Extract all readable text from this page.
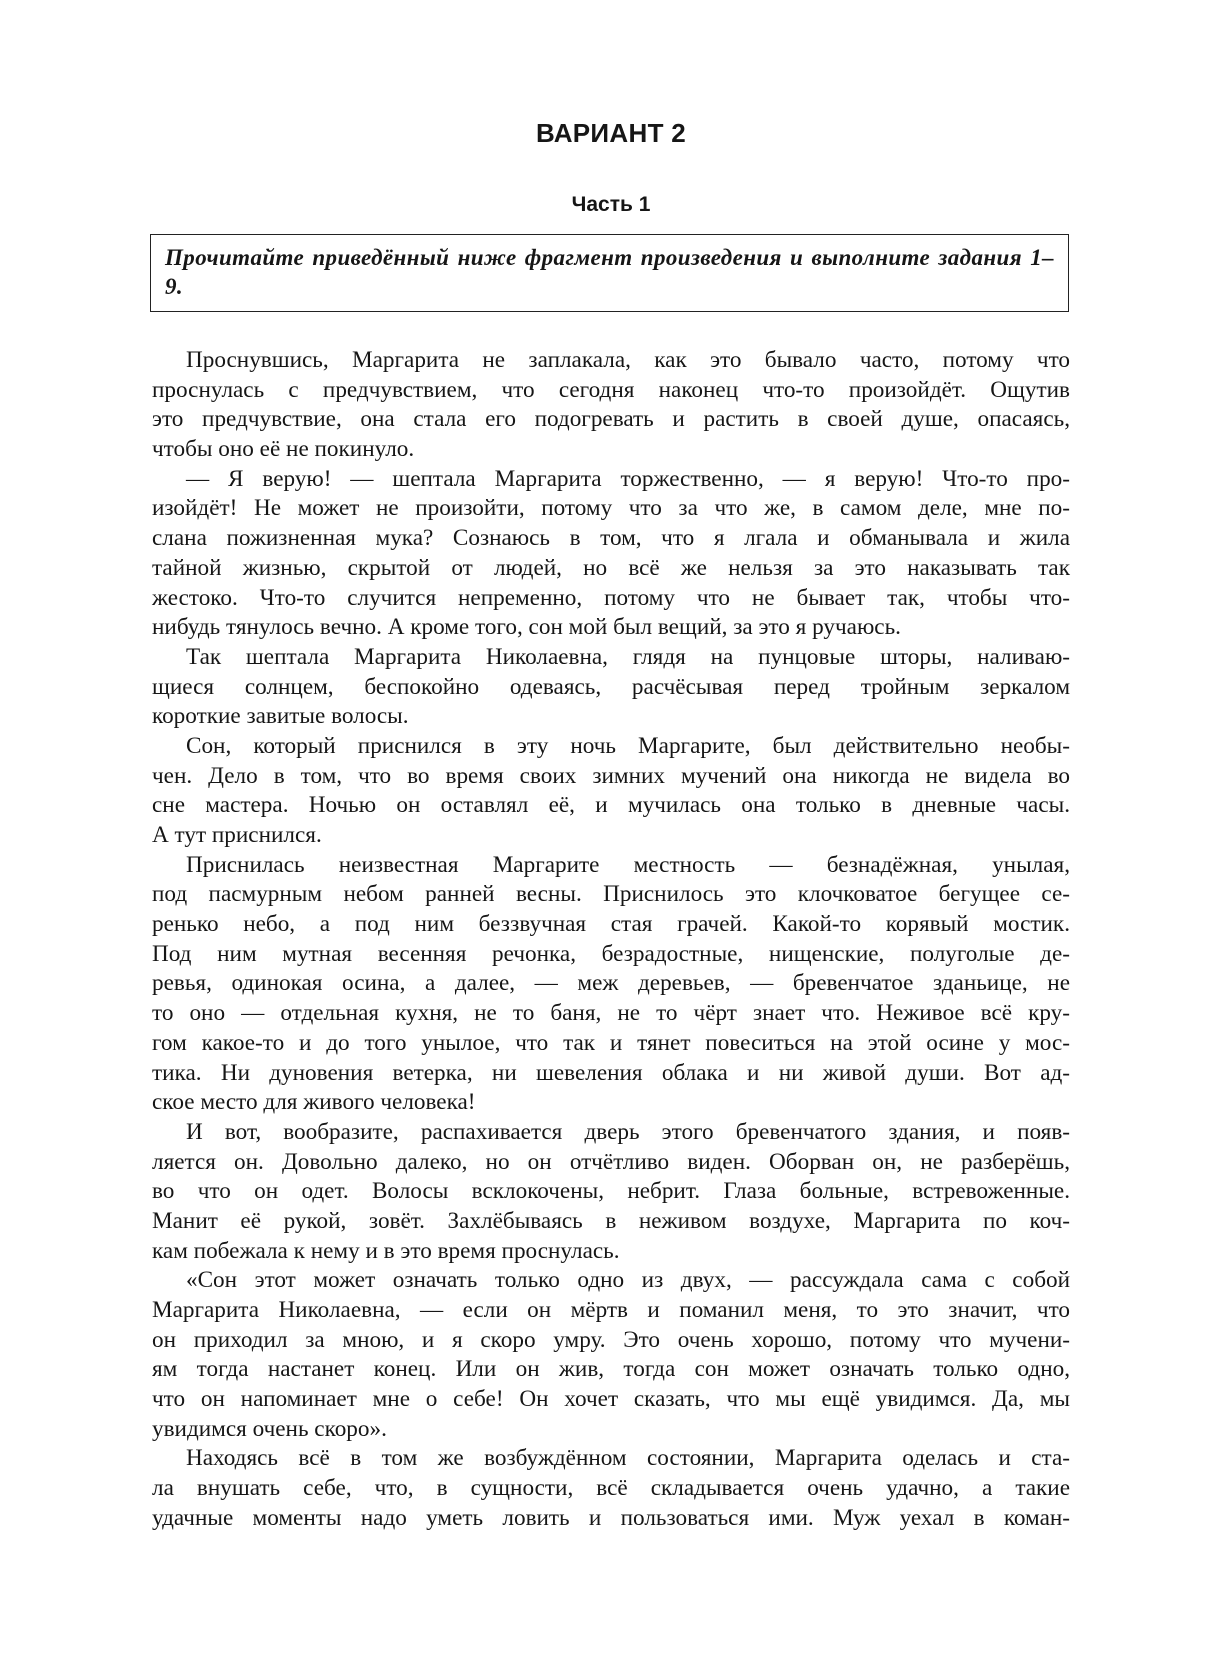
ВАРИАНТ 2
Часть 1

Прочитайте приведённый ниже фрагмент произведения и выполните задания 1–9.

Проснувшись, Маргарита не заплакала, как это бывало часто, потому что
проснулась с предчувствием, что сегодня наконец что-то произойдёт. Ощутив
это предчувствие, она стала его подогревать и растить в своей душе, опасаясь,
чтобы оно её не покинуло.
— Я верую! — шептала Маргарита торжественно, — я верую! Что-то про-
изойдёт! Не может не произойти, потому что за что же, в самом деле, мне по-
слана пожизненная мука? Сознаюсь в том, что я лгала и обманывала и жила
тайной жизнью, скрытой от людей, но всё же нельзя за это наказывать так
жестоко. Что-то случится непременно, потому что не бывает так, чтобы что-
нибудь тянулось вечно. А кроме того, сон мой был вещий, за это я ручаюсь.
Так шептала Маргарита Николаевна, глядя на пунцовые шторы, наливаю-
щиеся солнцем, беспокойно одеваясь, расчёсывая перед тройным зеркалом
короткие завитые волосы.
Сон, который приснился в эту ночь Маргарите, был действительно необы-
чен. Дело в том, что во время своих зимних мучений она никогда не видела во
сне мастера. Ночью он оставлял её, и мучилась она только в дневные часы.
А тут приснился.
Приснилась неизвестная Маргарите местность — безнадёжная, унылая,
под пасмурным небом ранней весны. Приснилось это клочковатое бегущее се-
ренько небо, а под ним беззвучная стая грачей. Какой-то корявый мостик.
Под ним мутная весенняя речонка, безрадостные, нищенские, полуголые де-
ревья, одинокая осина, а далее, — меж деревьев, — бревенчатое зданьице, не
то оно — отдельная кухня, не то баня, не то чёрт знает что. Неживое всё кру-
гом какое-то и до того унылое, что так и тянет повеситься на этой осине у мос-
тика. Ни дуновения ветерка, ни шевеления облака и ни живой души. Вот ад-
ское место для живого человека!
И вот, вообразите, распахивается дверь этого бревенчатого здания, и появ-
ляется он. Довольно далеко, но он отчётливо виден. Оборван он, не разберёшь,
во что он одет. Волосы всклокочены, небрит. Глаза больные, встревоженные.
Манит её рукой, зовёт. Захлёбываясь в неживом воздухе, Маргарита по коч-
кам побежала к нему и в это время проснулась.
«Сон этот может означать только одно из двух, — рассуждала сама с собой
Маргарита Николаевна, — если он мёртв и поманил меня, то это значит, что
он приходил за мною, и я скоро умру. Это очень хорошо, потому что мучени-
ям тогда настанет конец. Или он жив, тогда сон может означать только одно,
что он напоминает мне о себе! Он хочет сказать, что мы ещё увидимся. Да, мы
увидимся очень скоро».
Находясь всё в том же возбуждённом состоянии, Маргарита оделась и ста-
ла внушать себе, что, в сущности, всё складывается очень удачно, а такие
удачные моменты надо уметь ловить и пользоваться ими. Муж уехал в коман-
